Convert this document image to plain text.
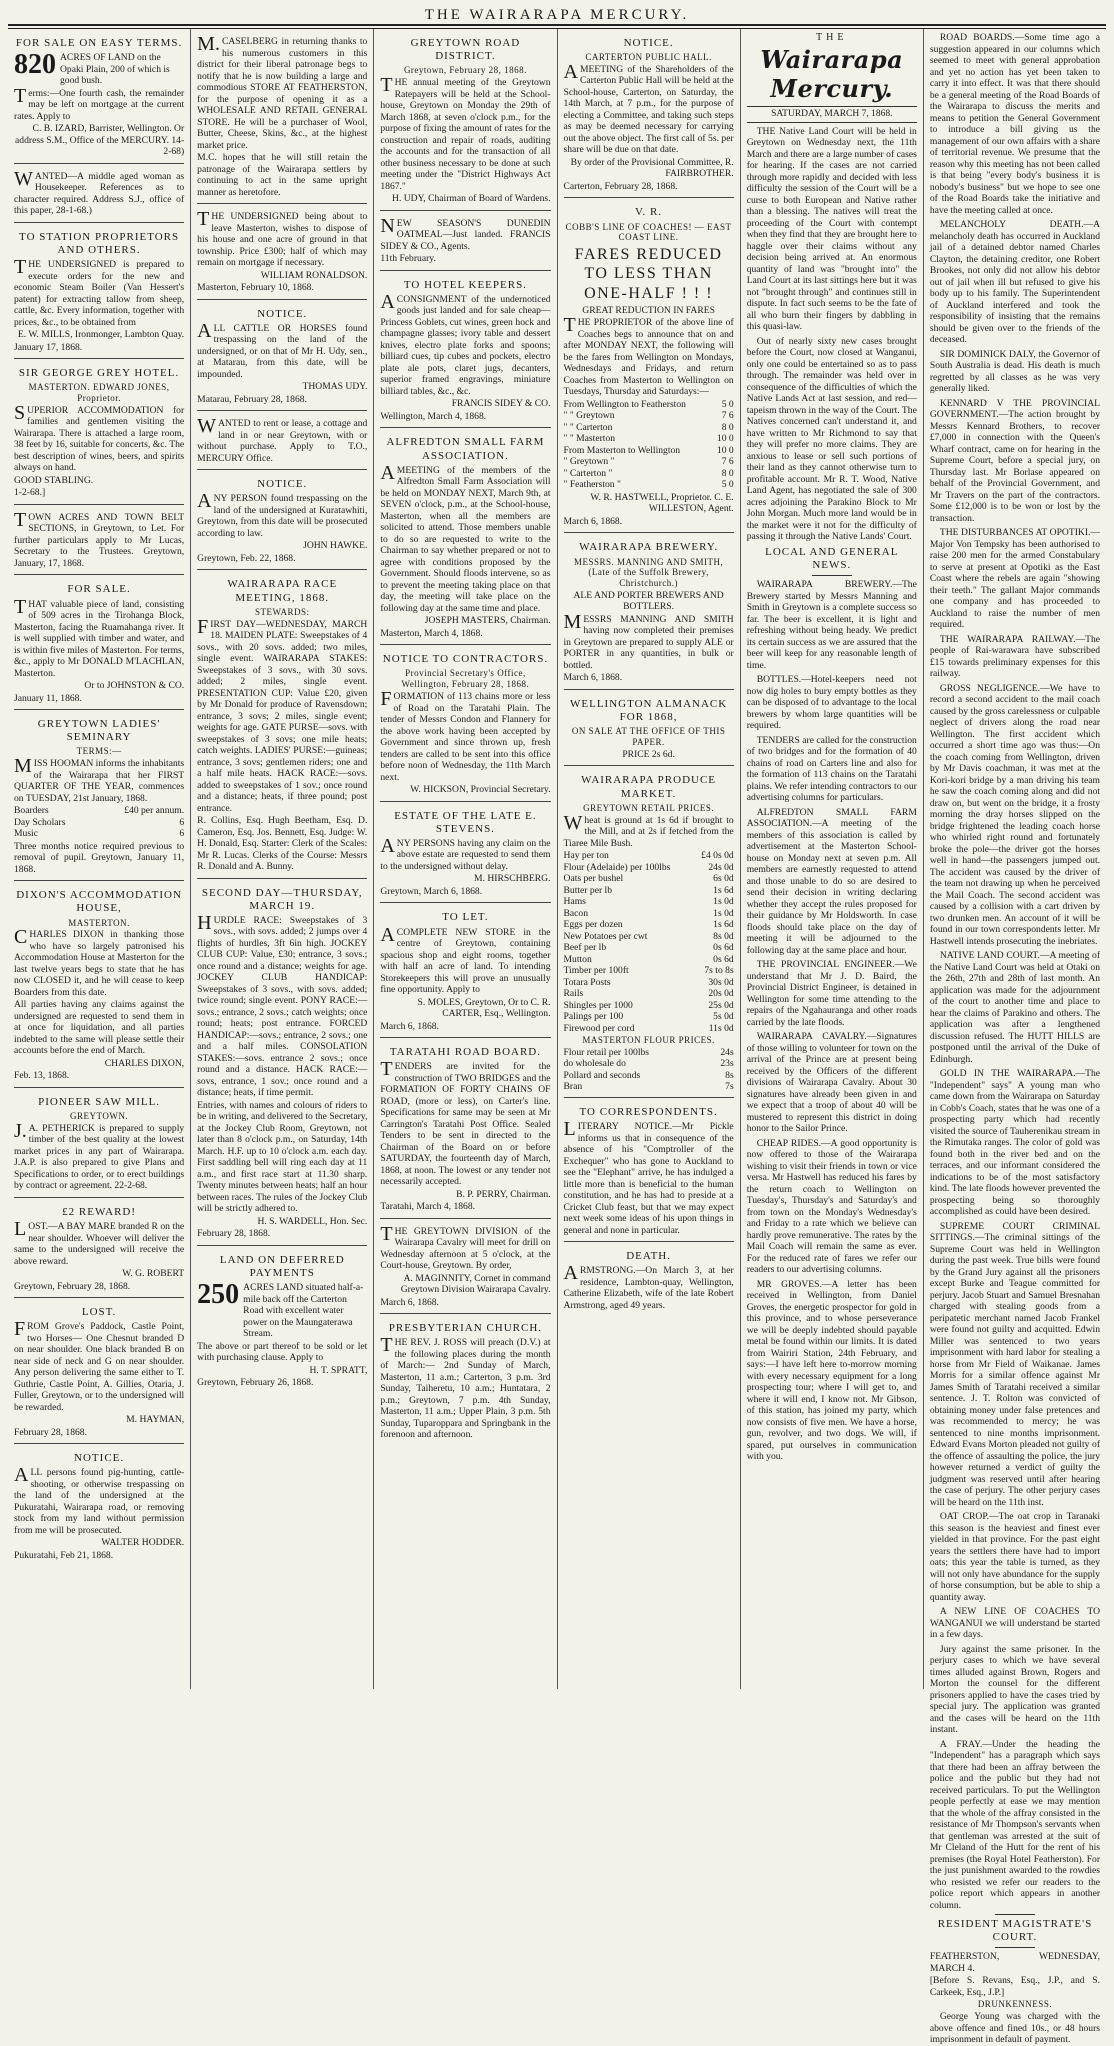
THE WAIRARAPA MERCURY.
FOR SALE ON EASY TERMS.
820 ACRES OF LAND on the Opaki Plain, 200 of which is good bush.
Terms:—One fourth cash, the remainder may be left on mortgage at the current rates. Apply to
C. B. IZARD, Barrister, Wellington. Or address S.M., Office of the MERCURY. 14-2-68)
WANTED—A middle aged woman as Housekeeper. References as to character required. Address S.J., office of this paper, 28-1-68.)
TO STATION PROPRIETORS AND OTHERS.
THE UNDERSIGNED is prepared to execute orders for the new and economic Steam Boiler (Van Hessert's patent) for extracting tallow from sheep, cattle, &c. Every information, together with prices, &c., to be obtained from
E. W. MILLS, Ironmonger, Lambton Quay.
January 17, 1868.
SIR GEORGE GREY HOTEL.
MASTERTON. EDWARD JONES, Proprietor.
SUPERIOR ACCOMMODATION for families and gentlemen visiting the Wairarapa. There is attached a large room, 38 feet by 16, suitable for concerts, &c. The best description of wines, beers, and spirits always on hand.
GOOD STABLING.
1-2-68.]
TOWN ACRES AND TOWN BELT SECTIONS, in Greytown, to Let. For further particulars apply to Mr Lucas, Secretary to the Trustees. Greytown, January, 17, 1868.
FOR SALE.
THAT valuable piece of land, consisting of 509 acres in the Tirohanga Block, Masterton, facing the Ruamahanga river. It is well supplied with timber and water, and is within five miles of Masterton. For terms, &c., apply to Mr DONALD M'LACHLAN, Masterton.
Or to JOHNSTON & CO.
January 11, 1868.
GREYTOWN LADIES' SEMINARY
TERMS:—
MISS HOOMAN informs the inhabitants of the Wairarapa that her FIRST QUARTER OF THE YEAR, commences on TUESDAY, 21st January, 1868.
Boarders	£40 per annum.
Day Scholars	6
Music	6
Three months notice required previous to removal of pupil. Greytown, January 11, 1868.
DIXON'S ACCOMMODATION HOUSE,
MASTERTON.
CHARLES DIXON in thanking those who have so largely patronised his Accommodation House at Masterton for the last twelve years begs to state that he has now CLOSED it, and he will cease to keep Boarders from this date.
All parties having any claims against the undersigned are requested to send them in at once for liquidation, and all parties indebted to the same will please settle their accounts before the end of March.
CHARLES DIXON,
Feb. 13, 1868.
PIONEER SAW MILL.
GREYTOWN.
J.A. PETHERICK is prepared to supply timber of the best quality at the lowest market prices in any part of Wairarapa. J.A.P. is also prepared to give Plans and Specifications to order, or to erect buildings by contract or agreement. 22-2-68.
£2 REWARD!
LOST.—A BAY MARE branded R on the near shoulder. Whoever will deliver the same to the undersigned will receive the above reward.
W. G. ROBERT
Greytown, February 28, 1868.
LOST.
FROM Grove's Paddock, Castle Point, two Horses— One Chesnut branded D on near shoulder. One black branded B on near side of neck and G on near shoulder. Any person delivering the same either to T. Guthrie, Castle Point, A. Gillies, Otaria, J. Fuller, Greytown, or to the undersigned will be rewarded.
M. HAYMAN,
February 28, 1868.
NOTICE.
ALL persons found pig-hunting, cattle-shooting, or otherwise trespassing on the land of the undersigned at the Pukuratahi, Wairarapa road, or removing stock from my land without permission from me will be prosecuted.
WALTER HODDER.
Pukuratahi, Feb 21, 1868.
M.CASELBERG in returning thanks to his numerous customers in this district for their liberal patronage begs to notify that he is now building a large and commodious STORE AT FEATHERSTON, for the purpose of opening it as a WHOLESALE AND RETAIL GENERAL STORE. He will be a purchaser of Wool, Butter, Cheese, Skins, &c., at the highest market price.
M.C. hopes that he will still retain the patronage of the Wairarapa settlers by continuing to act in the same upright manner as heretofore.
THE UNDERSIGNED being about to leave Masterton, wishes to dispose of his house and one acre of ground in that township. Price £300; half of which may remain on mortgage if necessary.
WILLIAM RONALDSON.
Masterton, February 10, 1868.
NOTICE.
ALL CATTLE OR HORSES found trespassing on the land of the undersigned, or on that of Mr H. Udy, sen., at Matarau, from this date, will be impounded.
THOMAS UDY.
Matarau, February 28, 1868.
WANTED to rent or lease, a cottage and land in or near Greytown, with or without purchase. Apply to T.O., MERCURY Office.
NOTICE.
ANY PERSON found trespassing on the land of the undersigned at Kuratawhiti, Greytown, from this date will be prosecuted according to law.
JOHN HAWKE.
Greytown, Feb. 22, 1868.
WAIRARAPA RACE MEETING, 1868.
STEWARDS:
FIRST DAY—WEDNESDAY, MARCH 18. MAIDEN PLATE: Sweepstakes of 4 sovs., with 20 sovs. added; two miles, single event. WAIRARAPA STAKES: Sweepstakes of 3 sovs., with 30 sovs. added; 2 miles, single event. PRESENTATION CUP: Value £20, given by Mr Donald for produce of Ravensdown; entrance, 3 sovs; 2 miles, single event; weights for age. GATE PURSE—sovs. with sweepstakes of 3 sovs; one mile heats; catch weights. LADIES' PURSE:—guineas; entrance, 3 sovs; gentlemen riders; one and a half mile heats. HACK RACE:—sovs. added to sweepstakes of 1 sov.; once round and a distance; heats, if three pound; post entrance.
R. Collins, Esq. Hugh Beetham, Esq. D. Cameron, Esq. Jos. Bennett, Esq. Judge: W. H. Donald, Esq. Starter: Clerk of the Scales: Mr R. Lucas. Clerks of the Course: Messrs R. Donald and A. Bunny.
SECOND DAY—THURSDAY, MARCH 19.
HURDLE RACE: Sweepstakes of 3 sovs., with sovs. added; 2 jumps over 4 flights of hurdles, 3ft 6in high. JOCKEY CLUB CUP: Value, £30; entrance, 3 sovs.; once round and a distance; weights for age. JOCKEY CLUB HANDICAP: Sweepstakes of 3 sovs., with sovs. added; twice round; single event. PONY RACE:—sovs.; entrance, 2 sovs.; catch weights; once round; heats; post entrance. FORCED HANDICAP:—sovs.; entrance, 2 sovs.; one and a half miles. CONSOLATION STAKES:—sovs. entrance 2 sovs.; once round and a distance. HACK RACE:—sovs, entrance, 1 sov.; once round and a distance; heats, if time permit.
Entries, with names and colours of riders to be in writing, and delivered to the Secretary, at the Jockey Club Room, Greytown, not later than 8 o'clock p.m., on Saturday, 14th March. H.F. up to 10 o'clock a.m. each day. First saddling bell will ring each day at 11 a.m., and first race start at 11.30 sharp. Twenty minutes between heats; half an hour between races. The rules of the Jockey Club will be strictly adhered to.
H. S. WARDELL, Hon. Sec.
February 28, 1868.
LAND ON DEFERRED PAYMENTS
250 ACRES LAND situated half-a-mile back off the Carterton Road with excellent water power on the Maungaterawa Stream.
The above or part thereof to be sold or let with purchasing clause. Apply to
H. T. SPRATT,
Greytown, February 26, 1868.
GREYTOWN ROAD DISTRICT.
Greytown, February 28, 1868.
THE annual meeting of the Greytown Ratepayers will be held at the School-house, Greytown on Monday the 29th of March 1868, at seven o'clock p.m., for the purpose of fixing the amount of rates for the construction and repair of roads, auditing the accounts and for the transaction of all other business necessary to be done at such meeting under the "District Highways Act 1867."
H. UDY, Chairman of Board of Wardens.
NEW SEASON'S DUNEDIN OATMEAL—Just landed. FRANCIS SIDEY & CO., Agents.
11th February.
TO HOTEL KEEPERS.
ACONSIGNMENT of the undernoticed goods just landed and for sale cheap— Princess Goblets, cut wines, green hock and champagne glasses; ivory table and dessert knives, electro plate forks and spoons; billiard cues, tip cubes and pockets, electro plate ale pots, claret jugs, decanters, superior framed engravings, miniature billiard tables, &c., &c.
FRANCIS SIDEY & CO.
Wellington, March 4, 1868.
ALFREDTON SMALL FARM ASSOCIATION.
AMEETING of the members of the Alfredton Small Farm Association will be held on MONDAY NEXT, March 9th, at SEVEN o'clock, p.m., at the School-house, Masterton, when all the members are solicited to attend. Those members unable to do so are requested to write to the Chairman to say whether prepared or not to agree with conditions proposed by the Government. Should floods intervene, so as to prevent the meeting taking place on that day, the meeting will take place on the following day at the same time and place.
JOSEPH MASTERS, Chairman.
Masterton, March 4, 1868.
NOTICE TO CONTRACTORS.
Provincial Secretary's Office, Wellington, February 28, 1868.
FORMATION of 113 chains more or less of Road on the Taratahi Plain. The tender of Messrs Condon and Flannery for the above work having been accepted by Government and since thrown up, fresh tenders are called to be sent into this office before noon of Wednesday, the 11th March next.
W. HICKSON, Provincial Secretary.
ESTATE OF THE LATE E. STEVENS.
ANY PERSONS having any claim on the above estate are requested to send them to the undersigned without delay.
M. HIRSCHBERG.
Greytown, March 6, 1868.
TO LET.
ACOMPLETE NEW STORE in the centre of Greytown, containing spacious shop and eight rooms, together with half an acre of land. To intending Storekeepers this will prove an unusually fine opportunity. Apply to
S. MOLES, Greytown, Or to C. R. CARTER, Esq., Wellington.
March 6, 1868.
TARATAHI ROAD BOARD.
TENDERS are invited for the construction of TWO BRIDGES and the FORMATION OF FORTY CHAINS OF ROAD, (more or less), on Carter's line. Specifications for same may be seen at Mr Carrington's Taratahi Post Office. Sealed Tenders to be sent in directed to the Chairman of the Board on or before SATURDAY, the fourteenth day of March, 1868, at noon. The lowest or any tender not necessarily accepted.
B. P. PERRY, Chairman.
Taratahi, March 4, 1868.
THE GREYTOWN DIVISION of the Wairarapa Cavalry will meet for drill on Wednesday afternoon at 5 o'clock, at the Court-house, Greytown. By order,
A. MAGINNITY, Cornet in command Greytown Division Wairarapa Cavalry.
March 6, 1868.
PRESBYTERIAN CHURCH.
THE REV. J. ROSS will preach (D.V.) at the following places during the month of March:— 2nd Sunday of March, Masterton, 11 a.m.; Carterton, 3 p.m. 3rd Sunday, Taiheretu, 10 a.m.; Huntatara, 2 p.m.; Greytown, 7 p.m. 4th Sunday, Masterton, 11 a.m.; Upper Plain, 3 p.m. 5th Sunday, Tuparoppara and Springbank in the forenoon and afternoon.
NOTICE.
CARTERTON PUBLIC HALL.
AMEETING of the Shareholders of the Carterton Public Hall will be held at the School-house, Carterton, on Saturday, the 14th March, at 7 p.m., for the purpose of electing a Committee, and taking such steps as may be deemed necessary for carrying out the above object. The first call of 5s. per share will be due on that date.
By order of the Provisional Committee, R. FAIRBROTHER.
Carterton, February 28, 1868.
V. R.
COBB'S LINE OF COACHES! — EAST COAST LINE.
FARES REDUCED TO LESS THAN ONE-HALF ! ! !
GREAT REDUCTION IN FARES
THE PROPRIETOR of the above line of Coaches begs to announce that on and after MONDAY NEXT, the following will be the fares from Wellington on Mondays, Wednesdays and Fridays, and return Coaches from Masterton to Wellington on Tuesdays, Thursday and Saturdays:—
From Wellington to Featherston	5 0
" " Greytown	7 6
" " Carterton	8 0
" " Masterton	10 0
From Masterton to Wellington	10 0
" Greytown "	7 6
" Carterton "	8 0
" Featherston "	5 0
W. R. HASTWELL, Proprietor. C. E. WILLESTON, Agent.
March 6, 1868.
WAIRARAPA BREWERY.
MESSRS. MANNING AND SMITH, (Late of the Suffolk Brewery, Christchurch.)
ALE AND PORTER BREWERS AND BOTTLERS.
MESSRS MANNING AND SMITH having now completed their premises in Greytown are prepared to supply ALE or PORTER in any quantities, in bulk or bottled.
March 6, 1868.
WELLINGTON ALMANACK FOR 1868,
ON SALE AT THE OFFICE OF THIS PAPER.
PRICE 2s 6d.
WAIRARAPA PRODUCE MARKET.
GREYTOWN RETAIL PRICES.
Wheat is ground at 1s 6d if brought to the Mill, and at 2s if fetched from the Tiaree Mile Bush.
Hay per ton	£4 0s 0d
Flour (Adelaide) per 100lbs	24s 0d
Oats per bushel	6s 0d
Butter per lb	1s 6d
Hams	1s 0d
Bacon	1s 0d
Eggs per dozen	1s 6d
New Potatoes per cwt	8s 0d
Beef per lb	0s 6d
Mutton	0s 6d
Timber per 100ft	7s to 8s
Totara Posts	30s 0d
Rails	20s 0d
Shingles per 1000	25s 0d
Palings per 100	5s 0d
Firewood per cord	11s 0d
MASTERTON FLOUR PRICES.
Flour retail per 100lbs	24s
do wholesale do	23s
Pollard and seconds	8s
Bran	7s
TO CORRESPONDENTS.
LITERARY NOTICE.—Mr Pickle informs us that in consequence of the absence of his "Comptroller of the Exchequer" who has gone to Auckland to see the "Elephant" arrive, he has indulged a little more than is beneficial to the human constitution, and he has had to preside at a Cricket Club feast, but that we may expect next week some ideas of his upon things in general and none in particular.
DEATH.
ARMSTRONG.—On March 3, at her residence, Lambton-quay, Wellington, Catherine Elizabeth, wife of the late Robert Armstrong, aged 49 years.
THE
Wairarapa Mercury.
SATURDAY, MARCH 7, 1868.
THE Native Land Court will be held in Greytown on Wednesday next, the 11th March and there are a large number of cases for hearing. If the cases are not carried through more rapidly and decided with less difficulty the session of the Court will be a curse to both European and Native rather than a blessing. The natives will treat the proceeding of the Court with contempt when they find that they are brought here to haggle over their claims without any decision being arrived at. An enormous quantity of land was "brought into" the Land Court at its last sittings here but it was not "brought through" and continues still in dispute. In fact such seems to be the fate of all who burn their fingers by dabbling in this quasi-law.
Out of nearly sixty new cases brought before the Court, now closed at Wanganui, only one could be entertained so as to pass through. The remainder was held over in consequence of the difficulties of which the Native Lands Act at last session, and red—tapeism thrown in the way of the Court. The Natives concerned can't understand it, and have written to Mr Richmond to say that they will prefer no more claims. They are anxious to lease or sell such portions of their land as they cannot otherwise turn to profitable account. Mr R. T. Wood, Native Land Agent, has negotiated the sale of 300 acres adjoining the Parakino Block to Mr John Morgan. Much more land would be in the market were it not for the difficulty of passing it through the Native Lands' Court.
LOCAL AND GENERAL NEWS.
WAIRARAPA BREWERY.—The Brewery started by Messrs Manning and Smith in Greytown is a complete success so far. The beer is excellent, it is light and refreshing without being heady. We predict its certain success as we are assured that the beer will keep for any reasonable length of time.
BOTTLES.—Hotel-keepers need not now dig holes to bury empty bottles as they can be disposed of to advantage to the local brewers by whom large quantities will be required.
TENDERS are called for the construction of two bridges and for the formation of 40 chains of road on Carters line and also for the formation of 113 chains on the Taratahi plains. We refer intending contractors to our advertising columns for particulars.
ALFREDTON SMALL FARM ASSOCIATION.—A meeting of the members of this association is called by advertisement at the Masterton School-house on Monday next at seven p.m. All members are earnestly requested to attend and those unable to do so are desired to send their decision in writing declaring whether they accept the rules proposed for their guidance by Mr Holdsworth. In case floods should take place on the day of meeting it will be adjourned to the following day at the same place and hour.
THE PROVINCIAL ENGINEER.—We understand that Mr J. D. Baird, the Provincial District Engineer, is detained in Wellington for some time attending to the repairs of the Ngahauranga and other roads carried by the late floods.
WAIRARAPA CAVALRY.—Signatures of those willing to volunteer for town on the arrival of the Prince are at present being received by the Officers of the different divisions of Wairarapa Cavalry. About 30 signatures have already been given in and we expect that a troop of about 40 will be mustered to represent this district in doing honor to the Sailor Prince.
CHEAP RIDES.—A good opportunity is now offered to those of the Wairarapa wishing to visit their friends in town or vice versa. Mr Hastwell has reduced his fares by the return coach to Wellington on Tuesday's, Thursday's and Saturday's and from town on the Monday's Wednesday's and Friday to a rate which we believe can hardly prove remunerative. The rates by the Mail Coach will remain the same as ever. For the reduced rate of fares we refer our readers to our advertising columns.
MR GROVES.—A letter has been received in Wellington, from Daniel Groves, the energetic prospector for gold in this province, and to whose perseverance we will be deeply indebted should payable metal be found within our limits. It is dated from Wairiri Station, 24th February, and says:—I have left here to-morrow morning with every necessary equipment for a long prospecting tour; where I will get to, and where it will end, I know not. Mr Gibson, of this station, has joined my party, which now consists of five men. We have a horse, gun, revolver, and two dogs. We will, if spared, put ourselves in communication with you.
ROAD BOARDS.—Some time ago a suggestion appeared in our columns which seemed to meet with general approbation and yet no action has yet been taken to carry it into effect. It was that there should be a general meeting of the Road Boards of the Wairarapa to discuss the merits and means to petition the General Government to introduce a bill giving us the management of our own affairs with a share of territorial revenue. We presume that the reason why this meeting has not been called is that being "every body's business it is nobody's business" but we hope to see one of the Road Boards take the initiative and have the meeting called at once.
MELANCHOLY DEATH.—A melancholy death has occurred in Auckland jail of a detained debtor named Charles Clayton, the detaining creditor, one Robert Brookes, not only did not allow his debtor out of jail when ill but refused to give his body up to his family. The Superintendent of Auckland interfered and took the responsibility of insisting that the remains should be given over to the friends of the deceased.
SIR DOMINICK DALY, the Governor of South Australia is dead. His death is much regretted by all classes as he was very generally liked.
KENNARD V THE PROVINCIAL GOVERNMENT.—The action brought by Messrs Kennard Brothers, to recover £7,000 in connection with the Queen's Wharf contract, came on for hearing in the Supreme Court, before a special jury, on Thursday last. Mr Borlase appeared on behalf of the Provincial Government, and Mr Travers on the part of the contractors. Some £12,000 is to be won or lost by the transaction.
THE DISTURBANCES AT OPOTIKI.—Major Von Tempsky has been authorised to raise 200 men for the armed Constabulary to serve at present at Opotiki as the East Coast where the rebels are again "showing their teeth." The gallant Major commands one company and has proceeded to Auckland to raise the number of men required.
THE WAIRARAPA RAILWAY.—The people of Rai-warawara have subscribed £15 towards preliminary expenses for this railway.
GROSS NEGLIGENCE.—We have to record a second accident to the mail coach caused by the gross carelessness or culpable neglect of drivers along the road near Wellington. The first accident which occurred a short time ago was thus:—On the coach coming from Wellington, driven by Mr Davis coachman, it was met at the Kori-kori bridge by a man driving his team he saw the coach coming along and did not draw on, but went on the bridge, it a frosty morning the dray horses slipped on the bridge frightened the leading coach horse who whirled right round and fortunately broke the pole—the driver got the horses well in hand—the passengers jumped out. The accident was caused by the driver of the team not drawing up when he perceived the Mail Coach. The second accident was caused by a collision with a cart driven by two drunken men. An account of it will be found in our town correspondents letter. Mr Hastwell intends prosecuting the inebriates.
NATIVE LAND COURT.—A meeting of the Native Land Court was held at Otaki on the 26th, 27th and 28th of last month. An application was made for the adjournment of the court to another time and place to hear the claims of Parakino and others. The application was after a lengthened discussion refused. The HUTT HILLS are postponed until the arrival of the Duke of Edinburgh.
GOLD IN THE WAIRARAPA.—The "Independent" says" A young man who came down from the Wairarapa on Saturday in Cobb's Coach, states that he was one of a prospecting party which had recently visited the source of Tauherenikau stream in the Rimutaka ranges. The color of gold was found both in the river bed and on the terraces, and our informant considered the indications to be of the most satisfactory kind. The late floods however prevented the prospecting being so thoroughly accomplished as could have been desired.
SUPREME COURT CRIMINAL SITTINGS.—The criminal sittings of the Supreme Court was held in Wellington during the past week. True bills were found by the Grand Jury against all the prisoners except Burke and Teague committed for perjury. Jacob Stuart and Samuel Bresnahan charged with stealing goods from a peripatetic merchant named Jacob Frankel were found not guilty and acquitted. Edwin Miller was sentenced to two years imprisonment with hard labor for stealing a horse from Mr Field of Waikanae. James Morris for a similar offence against Mr James Smith of Taratahi received a similar sentence. J. T. Rolton was convicted of obtaining money under false pretences and was recommended to mercy; he was sentenced to nine months imprisonment. Edward Evans Morton pleaded not guilty of the offence of assaulting the police, the jury however returned a verdict of guilty the judgment was reserved until after hearing the case of perjury. The other perjury cases will be heard on the 11th inst.
OAT CROP.—The oat crop in Taranaki this season is the heaviest and finest ever yielded in that province. For the past eight years the settlers there have had to import oats; this year the table is turned, as they will not only have abundance for the supply of horse consumption, but be able to ship a quantity away.
A NEW LINE OF COACHES TO WANGANUI we will understand be started in a few days.
Jury against the same prisoner. In the perjury cases to which we have several times alluded against Brown, Rogers and Morton the counsel for the different prisoners applied to have the cases tried by special jury. The application was granted and the cases will be heard on the 11th instant.
A FRAY.—Under the heading the "Independent" has a paragraph which says that there had been an affray between the police and the public but they had not received particulars. To put the Wellington people perfectly at ease we may mention that the whole of the affray consisted in the resistance of Mr Thompson's servants when that gentleman was arrested at the suit of Mr Cleland of the Hutt for the rent of his premises (the Royal Hotel Featherston). For the just punishment awarded to the rowdies who resisted we refer our readers to the police report which appears in another column.
RESIDENT MAGISTRATE'S COURT.
FEATHERSTON, WEDNESDAY, MARCH 4.
[Before S. Revans, Esq., J.P., and S. Carkeek, Esq., J.P.]
DRUNKENNESS.
George Young was charged with the above offence and fined 10s., or 48 hours imprisonment in default of payment.
